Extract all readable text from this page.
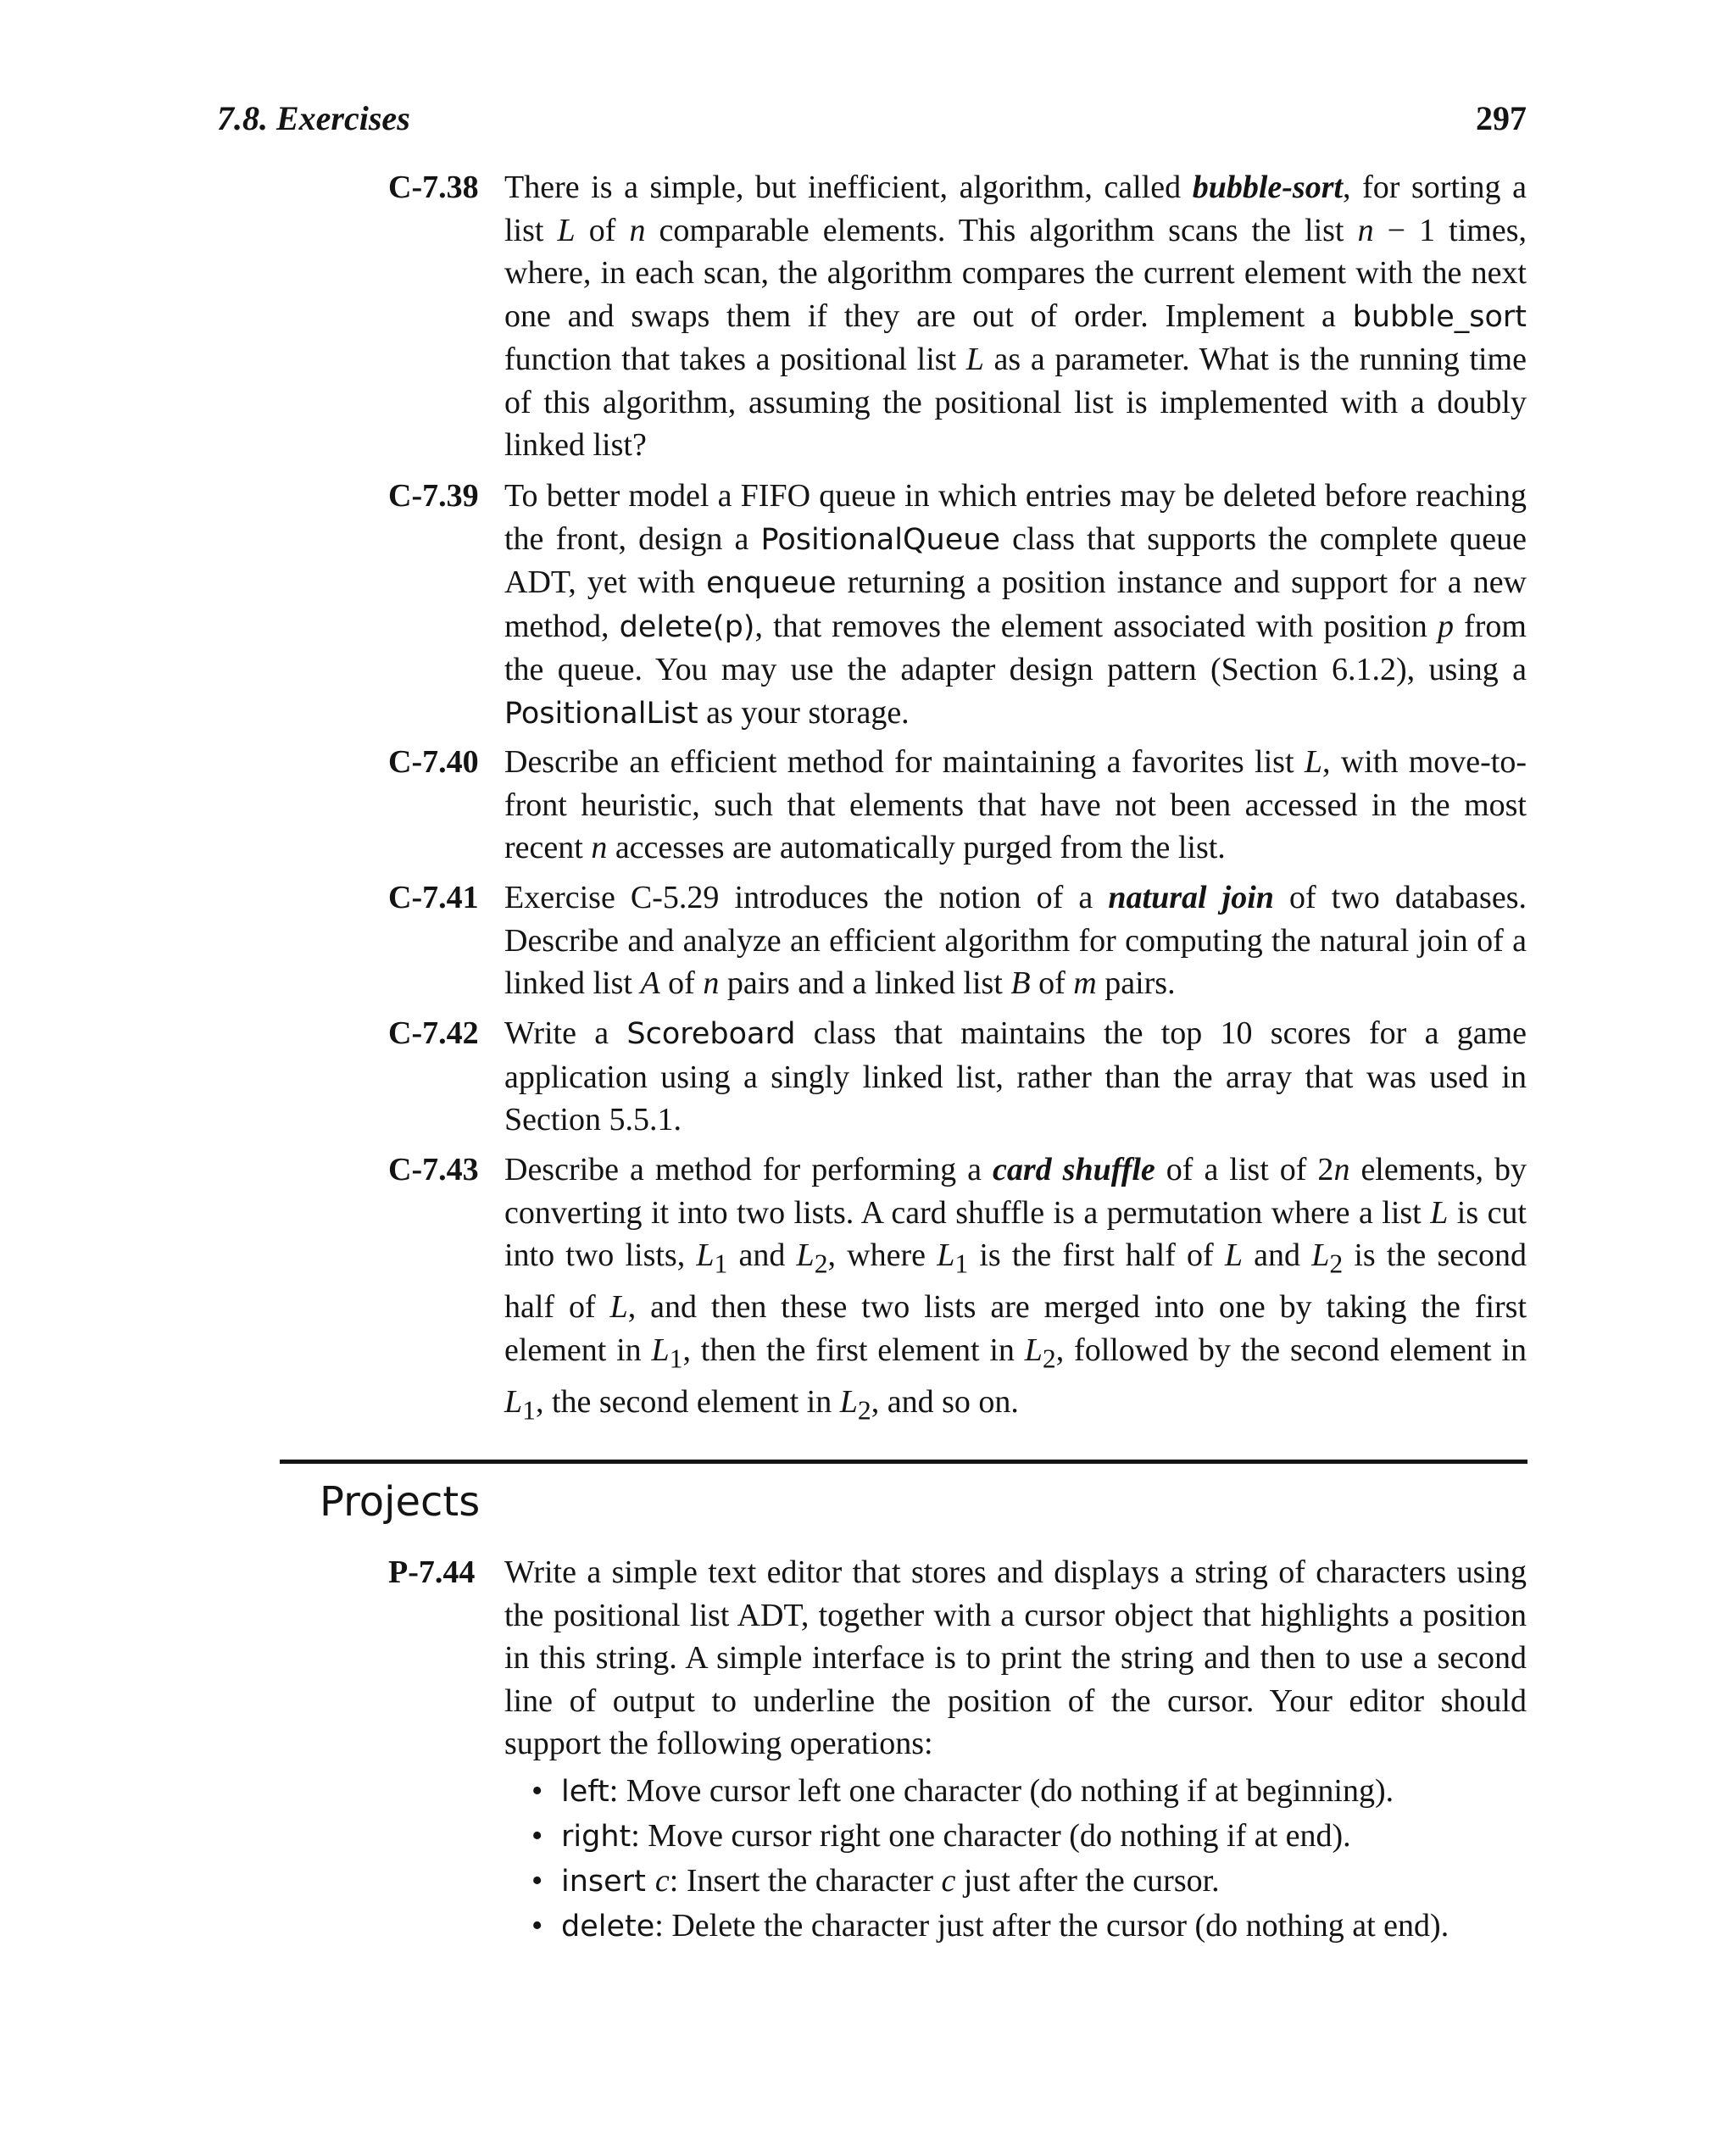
7.8. Exercises	297
C-7.38 There is a simple, but inefficient, algorithm, called bubble-sort, for sorting a list L of n comparable elements. This algorithm scans the list n − 1 times, where, in each scan, the algorithm compares the current element with the next one and swaps them if they are out of order. Implement a bubble_sort function that takes a positional list L as a parameter. What is the running time of this algorithm, assuming the positional list is implemented with a doubly linked list?
C-7.39 To better model a FIFO queue in which entries may be deleted before reaching the front, design a PositionalQueue class that supports the complete queue ADT, yet with enqueue returning a position instance and support for a new method, delete(p), that removes the element associated with position p from the queue. You may use the adapter design pattern (Section 6.1.2), using a PositionalList as your storage.
C-7.40 Describe an efficient method for maintaining a favorites list L, with move-to-front heuristic, such that elements that have not been accessed in the most recent n accesses are automatically purged from the list.
C-7.41 Exercise C-5.29 introduces the notion of a natural join of two databases. Describe and analyze an efficient algorithm for computing the natural join of a linked list A of n pairs and a linked list B of m pairs.
C-7.42 Write a Scoreboard class that maintains the top 10 scores for a game application using a singly linked list, rather than the array that was used in Section 5.5.1.
C-7.43 Describe a method for performing a card shuffle of a list of 2n elements, by converting it into two lists. A card shuffle is a permutation where a list L is cut into two lists, $L_1$ and $L_2$, where $L_1$ is the first half of L and $L_2$ is the second half of L, and then these two lists are merged into one by taking the first element in $L_1$, then the first element in $L_2$, followed by the second element in $L_1$, the second element in $L_2$, and so on.
Projects
P-7.44 Write a simple text editor that stores and displays a string of characters using the positional list ADT, together with a cursor object that highlights a position in this string. A simple interface is to print the string and then to use a second line of output to underline the position of the cursor. Your editor should support the following operations:
• left: Move cursor left one character (do nothing if at beginning).
• right: Move cursor right one character (do nothing if at end).
• insert c: Insert the character c just after the cursor.
• delete: Delete the character just after the cursor (do nothing at end).
